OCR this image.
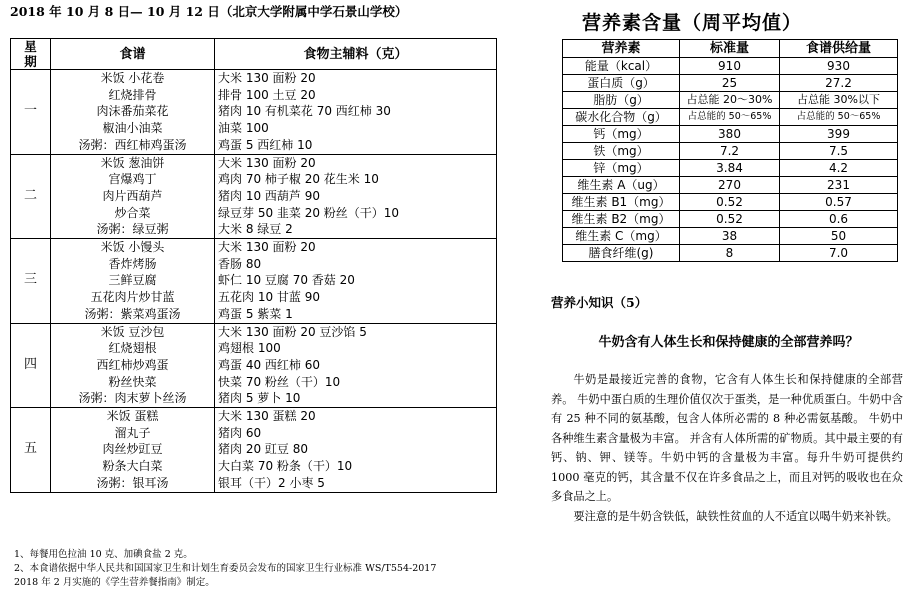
2018 年 10 月 8 日— 10 月 12 日（北京大学附属中学石景山学校）
星
期	食谱	食物主辅料（克）
一	米饭 小花卷	大米 130 面粉 20
	红烧排骨	排骨 100 土豆 20
	肉沫番茄菜花	猪肉 10 有机菜花 70 西红柿 30
	椒油小油菜	油菜 100
	汤粥：西红柿鸡蛋汤	鸡蛋 5 西红柿 10
二	米饭 葱油饼	大米 130 面粉 20
	宫爆鸡丁	鸡肉 70 柿子椒 20 花生米 10
	肉片西葫芦	猪肉 10 西葫芦 90
	炒合菜	绿豆芽 50 韭菜 20 粉丝（干）10
	汤粥：绿豆粥	大米 8 绿豆 2
三	米饭 小馒头	大米 130 面粉 20
	香炸烤肠	香肠 80
	三鲜豆腐	虾仁 10 豆腐 70 香菇 20
	五花肉片炒甘蓝	五花肉 10 甘蓝 90
	汤粥：紫菜鸡蛋汤	鸡蛋 5 紫菜 1
四	米饭 豆沙包	大米 130 面粉 20 豆沙馅 5
	红烧翅根	鸡翅根 100
	西红柿炒鸡蛋	鸡蛋 40 西红柿 60
	粉丝快菜	快菜 70 粉丝（干）10
	汤粥：肉末萝卜丝汤	猪肉 5 萝卜 10
五	米饭 蛋糕	大米 130 蛋糕 20
	溜丸子	猪肉 60
	肉丝炒豇豆	猪肉 20 豇豆 80
	粉条大白菜	大白菜 70 粉条（干）10
	汤粥：银耳汤	银耳（干）2 小枣 5
1、每餐用色拉油 10 克、加碘食盐 2 克。
2、本食谱依据中华人民共和国国家卫生和计划生育委员会发布的国家卫生行业标准 WS/T554-2017
2018 年 2 月实施的《学生营养餐指南》制定。
营养素含量（周平均值）
营养素	标准量	食谱供给量
能量（kcal）	910	930
蛋白质（g）	25	27.2
脂肪（g）	占总能 20～30%	占总能 30%以下
碳水化合物（g）	占总能的 50～65%	占总能的 50～65%
钙（mg）	380	399
铁（mg）	7.2	7.5
锌（mg）	3.84	4.2
维生素 A（ug）	270	231
维生素 B1（mg）	0.52	0.57
维生素 B2（mg）	0.52	0.6
维生素 C（mg）	38	50
膳食纤维(g)	8	7.0
营养小知识（5）
牛奶含有人体生长和保持健康的全部营养吗？

牛奶是最接近完善的食物，它含有人体生长和保持健康的全部营养。 牛奶中蛋白质的生理价值仅次于蛋类，是一种优质蛋白。牛奶中含有 25 种不同的氨基酸，包含人体所必需的 8 种必需氨基酸。 牛奶中各种维生素含量极为丰富。 并含有人体所需的矿物质。其中最主要的有钙、钠、钾、镁等。牛奶中钙的含量极为丰富。每升牛奶可提供约 1000 毫克的钙，其含量不仅在许多食品之上，而且对钙的吸收也在众多食品之上。

要注意的是牛奶含铁低，缺铁性贫血的人不适宜以喝牛奶来补铁。
